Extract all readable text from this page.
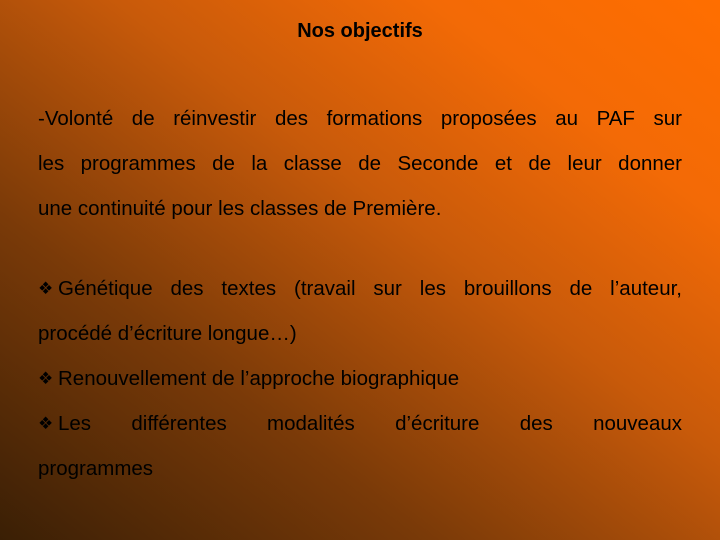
Nos objectifs
-Volonté de réinvestir des formations proposées au PAF sur
les programmes de la classe de Seconde et de leur donner
une continuité pour les classes de Première.
❖ Génétique des textes (travail sur les brouillons de l’auteur,
procédé d’écriture longue…)
❖ Renouvellement de l’approche biographique
❖ Les différentes modalités d’écriture des nouveaux
programmes
